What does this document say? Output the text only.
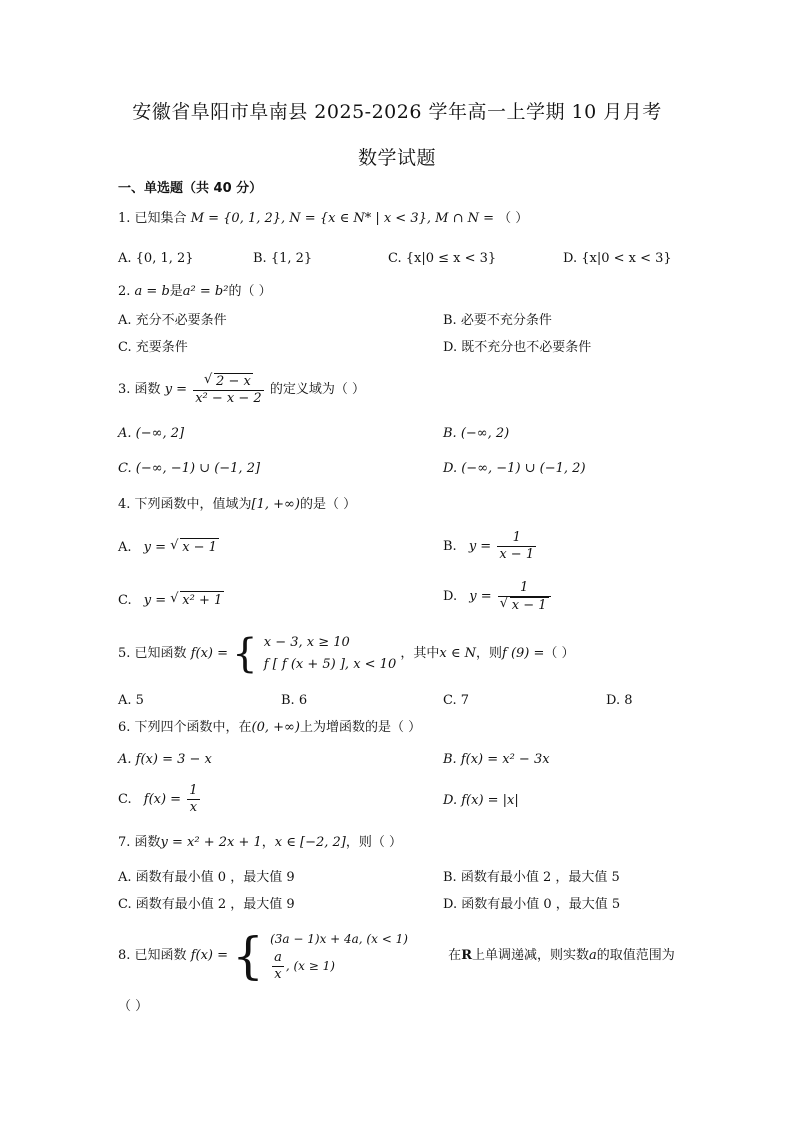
安徽省阜阳市阜南县 2025-2026 学年高一上学期 10 月月考
数学试题
一、单选题（共 40 分）
1. 已知集合 M = {0, 1, 2}, N = {x ∈ N* | x < 3}, M ∩ N = （ ）
A. {0, 1, 2}	B. {1, 2}	C. {x|0 ≤ x < 3}	D. {x|0 < x < 3}
2. a = b是a² = b²的（ ）
A. 充分不必要条件	B. 必要不充分条件
C. 充要条件	D. 既不充分也不必要条件
3. 函数 y = √ $\frac{2 - x}{\text{x² − x − 2}}$ 的定义域为（ ）
A. (−∞, 2]	B. (−∞, 2)
C. (−∞, −1) ∪ (−1, 2]	D. (−∞, −1) ∪ (−1, 2)
4. 下列函数中，值域为[1, +∞)的是（ ）
A. y = √ x − 1	B. $y = \frac{1}{x - 1}$
C. y = √ x² + 1	D. y = 1
√ x − 1
5. 已知函数 f(x) = { x − 3, x ≥ 10
f [ f (x + 5) ], x < 10
，其中x ∈ N，则f (9) =（ ）
A. 5	B. 6	C. 7	D. 8
6. 下列四个函数中，在(0, +∞)上为增函数的是（ ）
A. f(x) = 3 − x	B. f(x) = x² − 3x
C. $f(x) = \frac{1}{x}$	D. f(x) = |x|
7. 函数y = x² + 2x + 1，x ∈ [−2, 2]，则（ ）
A. 函数有最小值 0 ，最大值 9	B. 函数有最小值 2 ，最大值 5
C. 函数有最小值 2 ，最大值 9	D. 函数有最小值 0 ，最大值 5
8. 已知函数 f(x) = { (3a − 1)x + 4a, (x < 1)
$\frac{a}{x}$ , (x ≥ 1)
在R上单调递减，则实数a的取值范围为
（ ）
